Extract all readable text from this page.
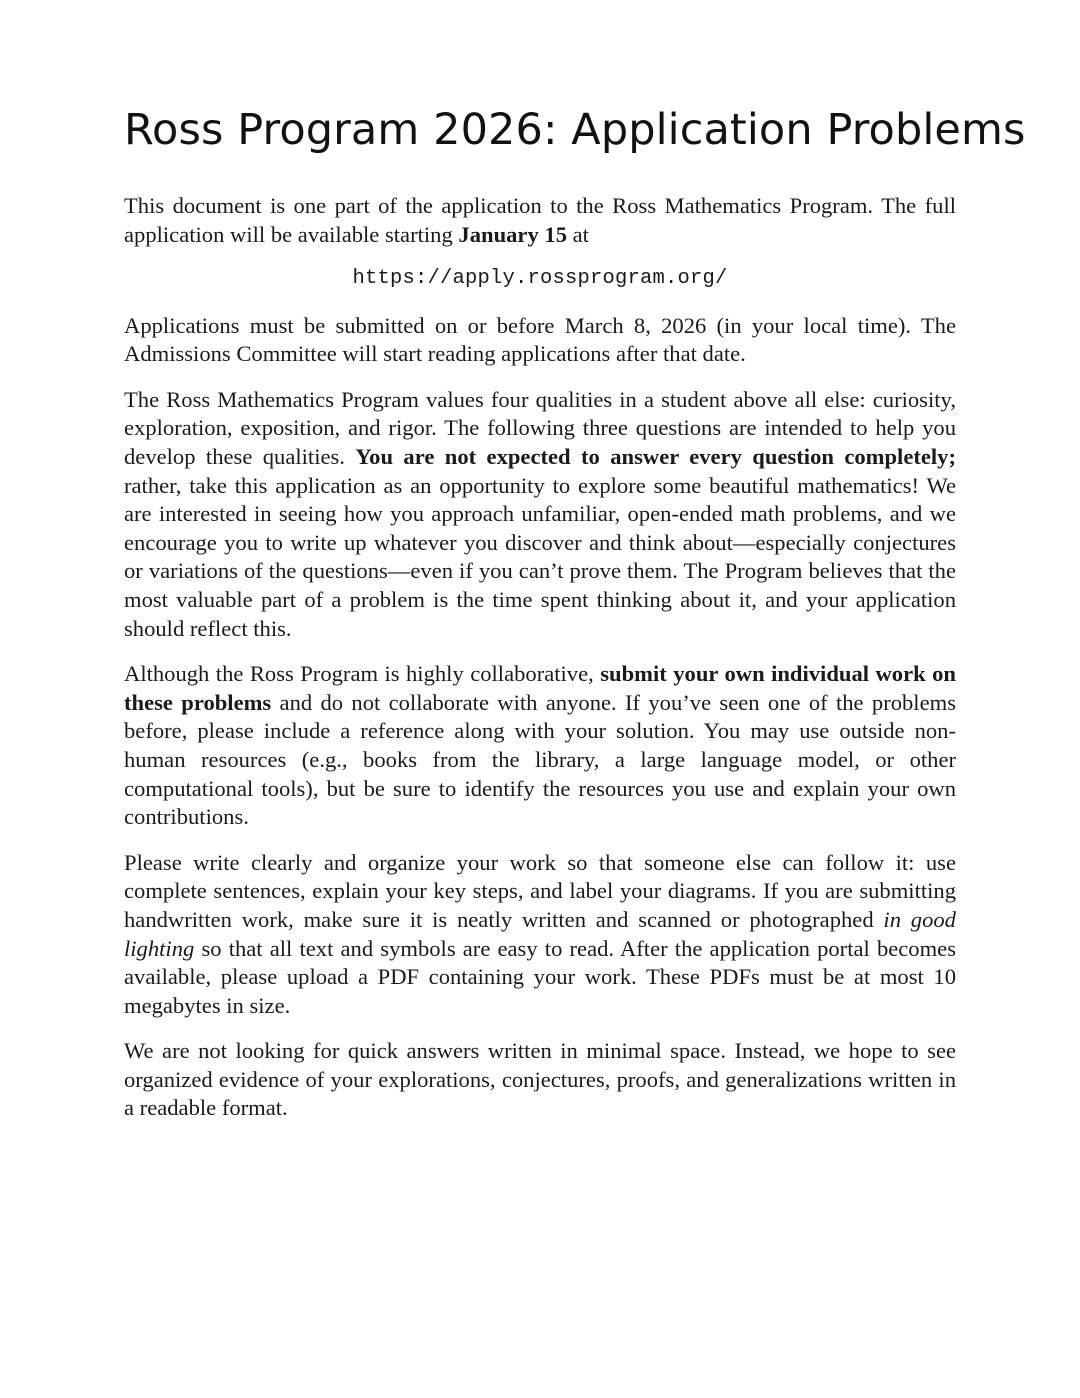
Ross Program 2026: Application Problems

This document is one part of the application to the Ross Mathematics Program. The full application will be available starting January 15 at

https://apply.rossprogram.org/

Applications must be submitted on or before March 8, 2026 (in your local time). The Admissions Committee will start reading applications after that date.

The Ross Mathematics Program values four qualities in a student above all else: curiosity, exploration, exposition, and rigor. The following three questions are intended to help you develop these qualities. You are not expected to answer every question completely; rather, take this application as an opportunity to explore some beautiful mathematics! We are interested in seeing how you approach unfamiliar, open-ended math problems, and we encourage you to write up whatever you discover and think about—especially conjectures or variations of the questions—even if you can’t prove them. The Program believes that the most valuable part of a problem is the time spent thinking about it, and your application should reflect this.

Although the Ross Program is highly collaborative, submit your own individual work on these problems and do not collaborate with anyone. If you’ve seen one of the problems before, please include a reference along with your solution. You may use outside non-human resources (e.g., books from the library, a large language model, or other computational tools), but be sure to identify the resources you use and explain your own contributions.

Please write clearly and organize your work so that someone else can follow it: use complete sentences, explain your key steps, and label your diagrams. If you are submitting handwritten work, make sure it is neatly written and scanned or photographed in good lighting so that all text and symbols are easy to read. After the application portal becomes available, please upload a PDF containing your work. These PDFs must be at most 10 megabytes in size.

We are not looking for quick answers written in minimal space. Instead, we hope to see organized evidence of your explorations, conjectures, proofs, and generalizations written in a readable format.
